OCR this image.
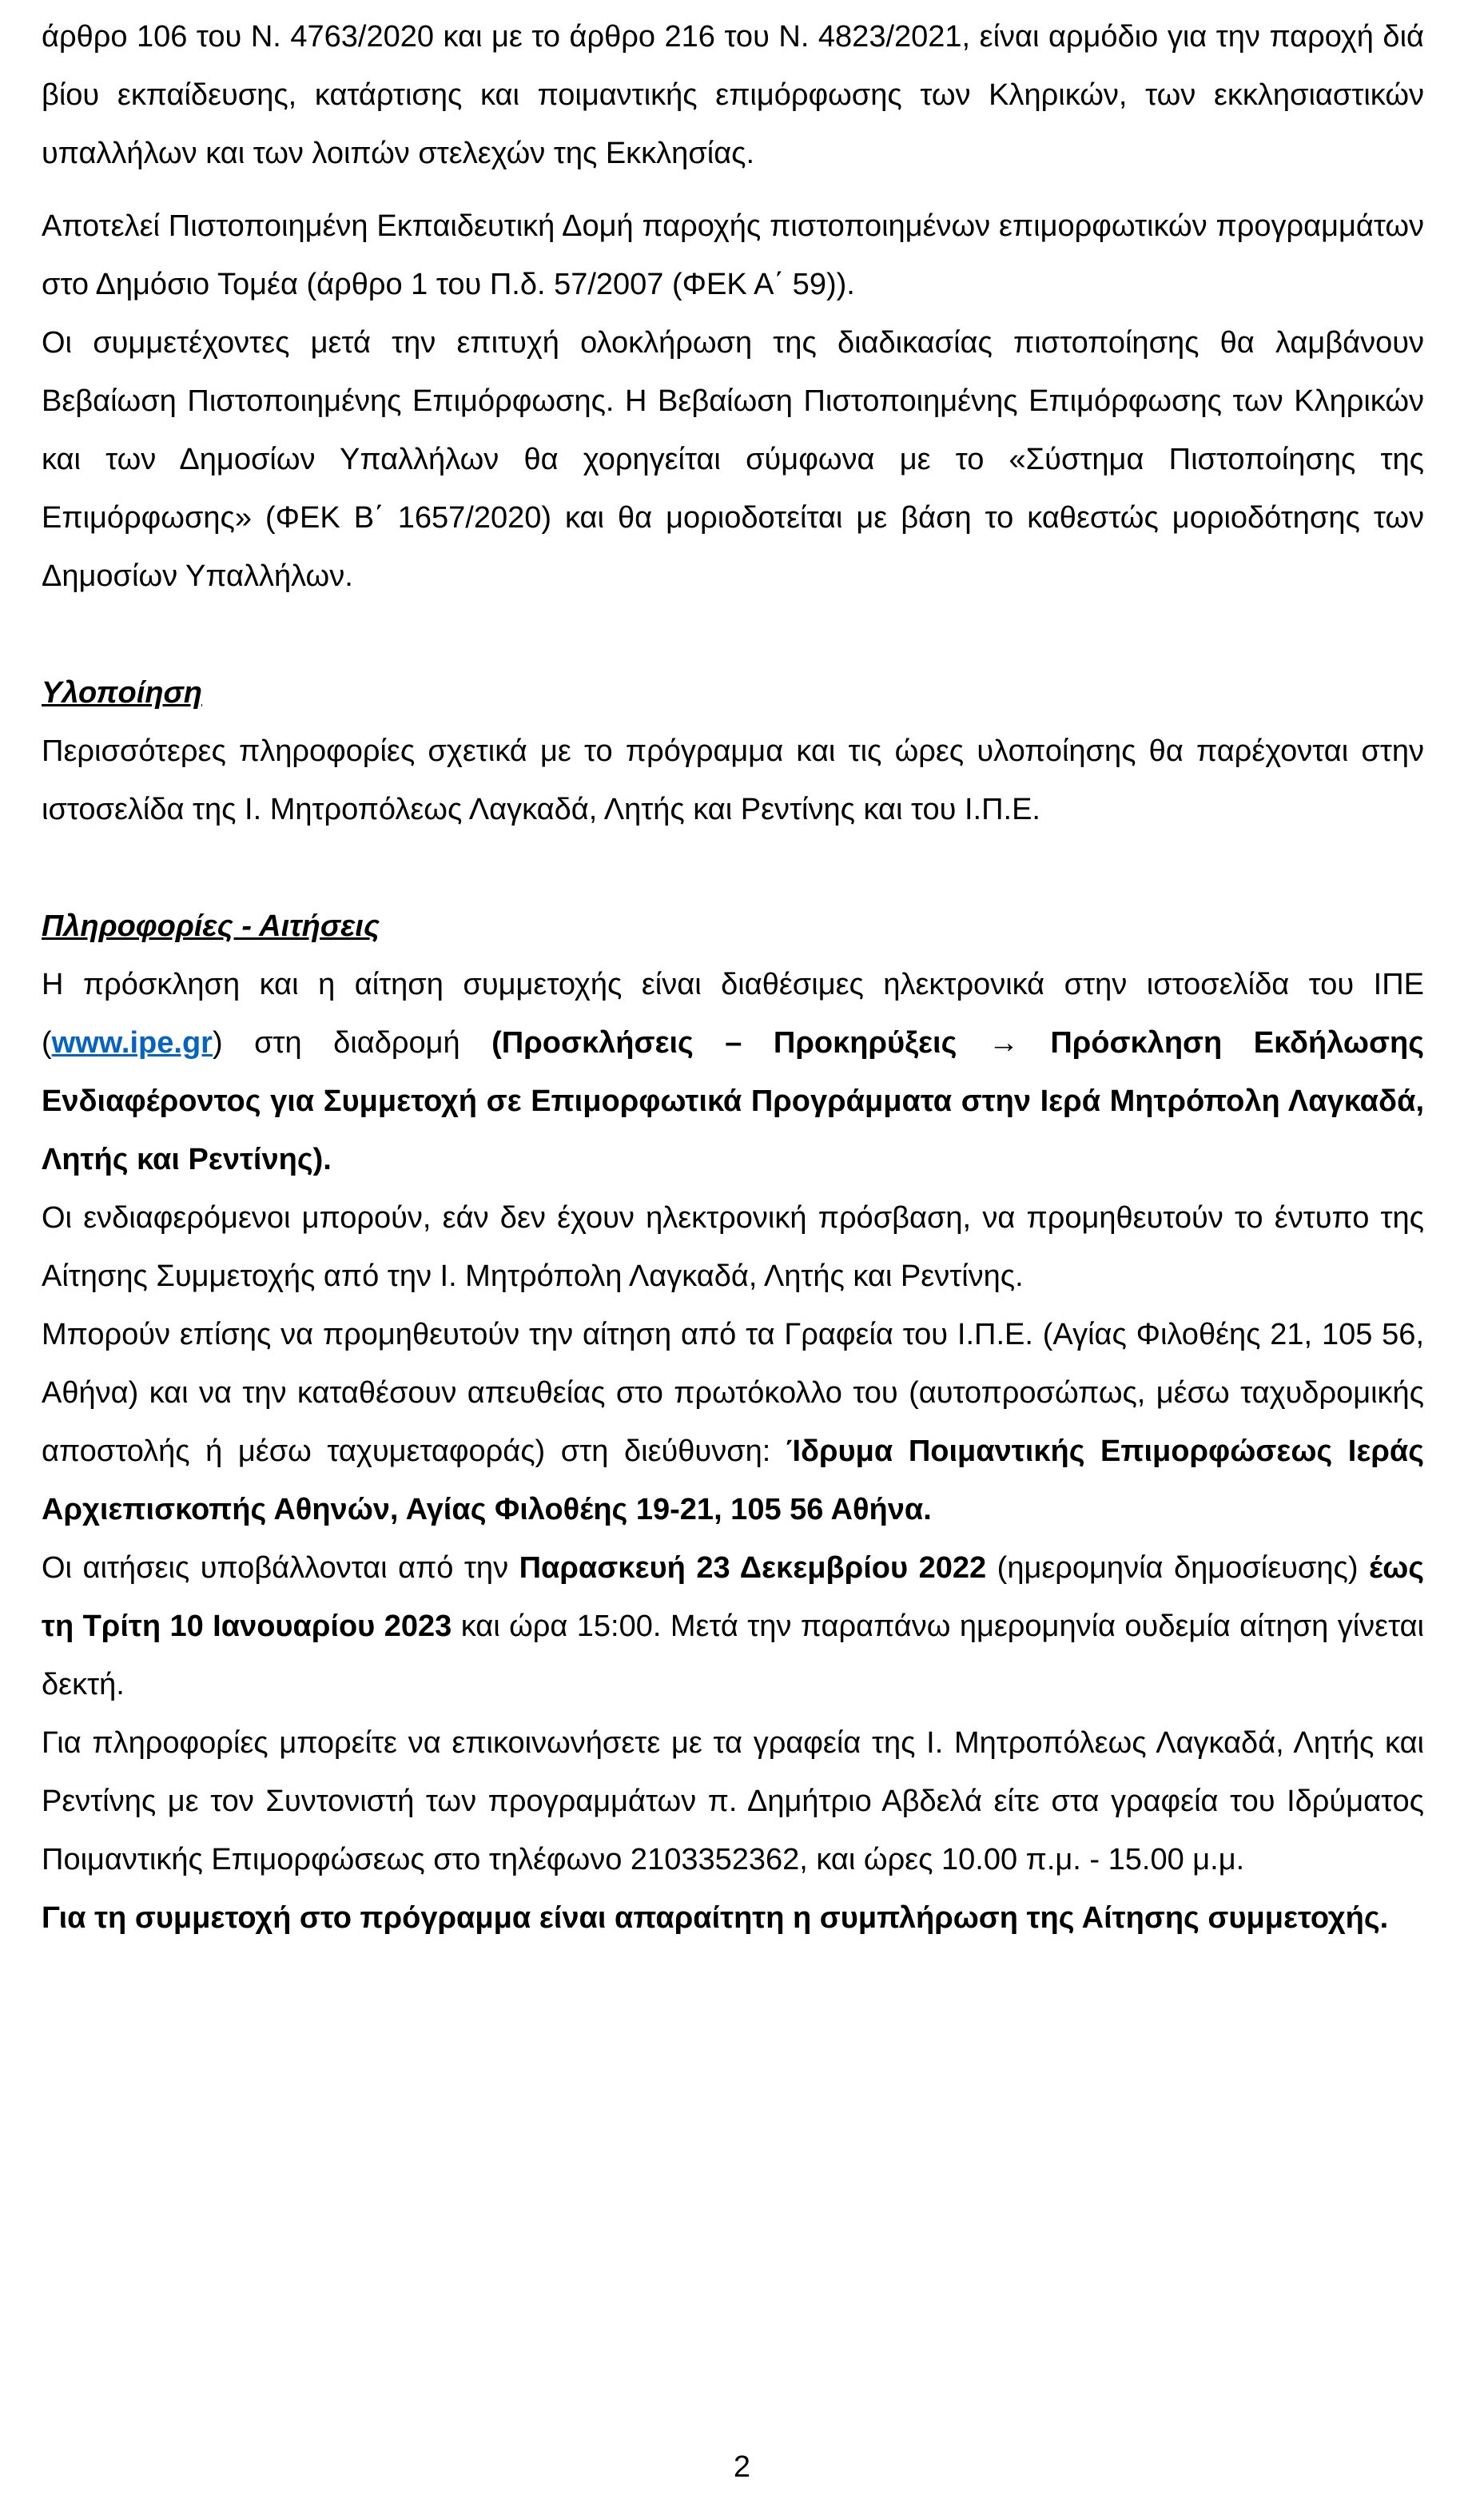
άρθρο 106 του Ν. 4763/2020 και με το άρθρο 216 του Ν. 4823/2021, είναι αρμόδιο για την παροχή διά βίου εκπαίδευσης, κατάρτισης και ποιμαντικής επιμόρφωσης των Κληρικών, των εκκλησιαστικών υπαλλήλων και των λοιπών στελεχών της Εκκλησίας.

Αποτελεί Πιστοποιημένη Εκπαιδευτική Δομή παροχής πιστοποιημένων επιμορφωτικών προγραμμάτων στο Δημόσιο Τομέα (άρθρο 1 του Π.δ. 57/2007 (ΦΕΚ Α΄ 59)).

Οι συμμετέχοντες μετά την επιτυχή ολοκλήρωση της διαδικασίας πιστοποίησης θα λαμβάνουν Βεβαίωση Πιστοποιημένης Επιμόρφωσης. Η Βεβαίωση Πιστοποιημένης Επιμόρφωσης των Κληρικών και των Δημοσίων Υπαλλήλων θα χορηγείται σύμφωνα με το «Σύστημα Πιστοποίησης της Επιμόρφωσης» (ΦΕΚ Β΄ 1657/2020) και θα μοριοδοτείται με βάση το καθεστώς μοριοδότησης των Δημοσίων Υπαλλήλων.

Υλοποίηση

Περισσότερες πληροφορίες σχετικά με το πρόγραμμα και τις ώρες υλοποίησης θα παρέχονται στην ιστοσελίδα της Ι. Μητροπόλεως Λαγκαδά, Λητής και Ρεντίνης και του Ι.Π.Ε.

Πληροφορίες - Αιτήσεις

Η πρόσκληση και η αίτηση συμμετοχής είναι διαθέσιμες ηλεκτρονικά στην ιστοσελίδα του ΙΠΕ (www.ipe.gr) στη διαδρομή (Προσκλήσεις – Προκηρύξεις → Πρόσκληση Εκδήλωσης Ενδιαφέροντος για Συμμετοχή σε Επιμορφωτικά Προγράμματα στην Ιερά Μητρόπολη Λαγκαδά, Λητής και Ρεντίνης).

Οι ενδιαφερόμενοι μπορούν, εάν δεν έχουν ηλεκτρονική πρόσβαση, να προμηθευτούν το έντυπο της Αίτησης Συμμετοχής από την Ι. Μητρόπολη Λαγκαδά, Λητής και Ρεντίνης.

Μπορούν επίσης να προμηθευτούν την αίτηση από τα Γραφεία του Ι.Π.Ε. (Αγίας Φιλοθέης 21, 105 56, Αθήνα) και να την καταθέσουν απευθείας στο πρωτόκολλο του (αυτοπροσώπως, μέσω ταχυδρομικής αποστολής ή μέσω ταχυμεταφοράς) στη διεύθυνση: Ίδρυμα Ποιμαντικής Επιμορφώσεως Ιεράς Αρχιεπισκοπής Αθηνών, Αγίας Φιλοθέης 19-21, 105 56 Αθήνα.

Οι αιτήσεις υποβάλλονται από την Παρασκευή 23 Δεκεμβρίου 2022 (ημερομηνία δημοσίευσης) έως τη Τρίτη 10 Ιανουαρίου 2023 και ώρα 15:00. Μετά την παραπάνω ημερομηνία ουδεμία αίτηση γίνεται δεκτή.

Για πληροφορίες μπορείτε να επικοινωνήσετε με τα γραφεία της Ι. Μητροπόλεως Λαγκαδά, Λητής και Ρεντίνης με τον Συντονιστή των προγραμμάτων π. Δημήτριο Αβδελά είτε στα γραφεία του Ιδρύματος Ποιμαντικής Επιμορφώσεως στο τηλέφωνο 2103352362, και ώρες 10.00 π.μ. - 15.00 μ.μ.

Για τη συμμετοχή στο πρόγραμμα είναι απαραίτητη η συμπλήρωση της Αίτησης συμμετοχής.

2
